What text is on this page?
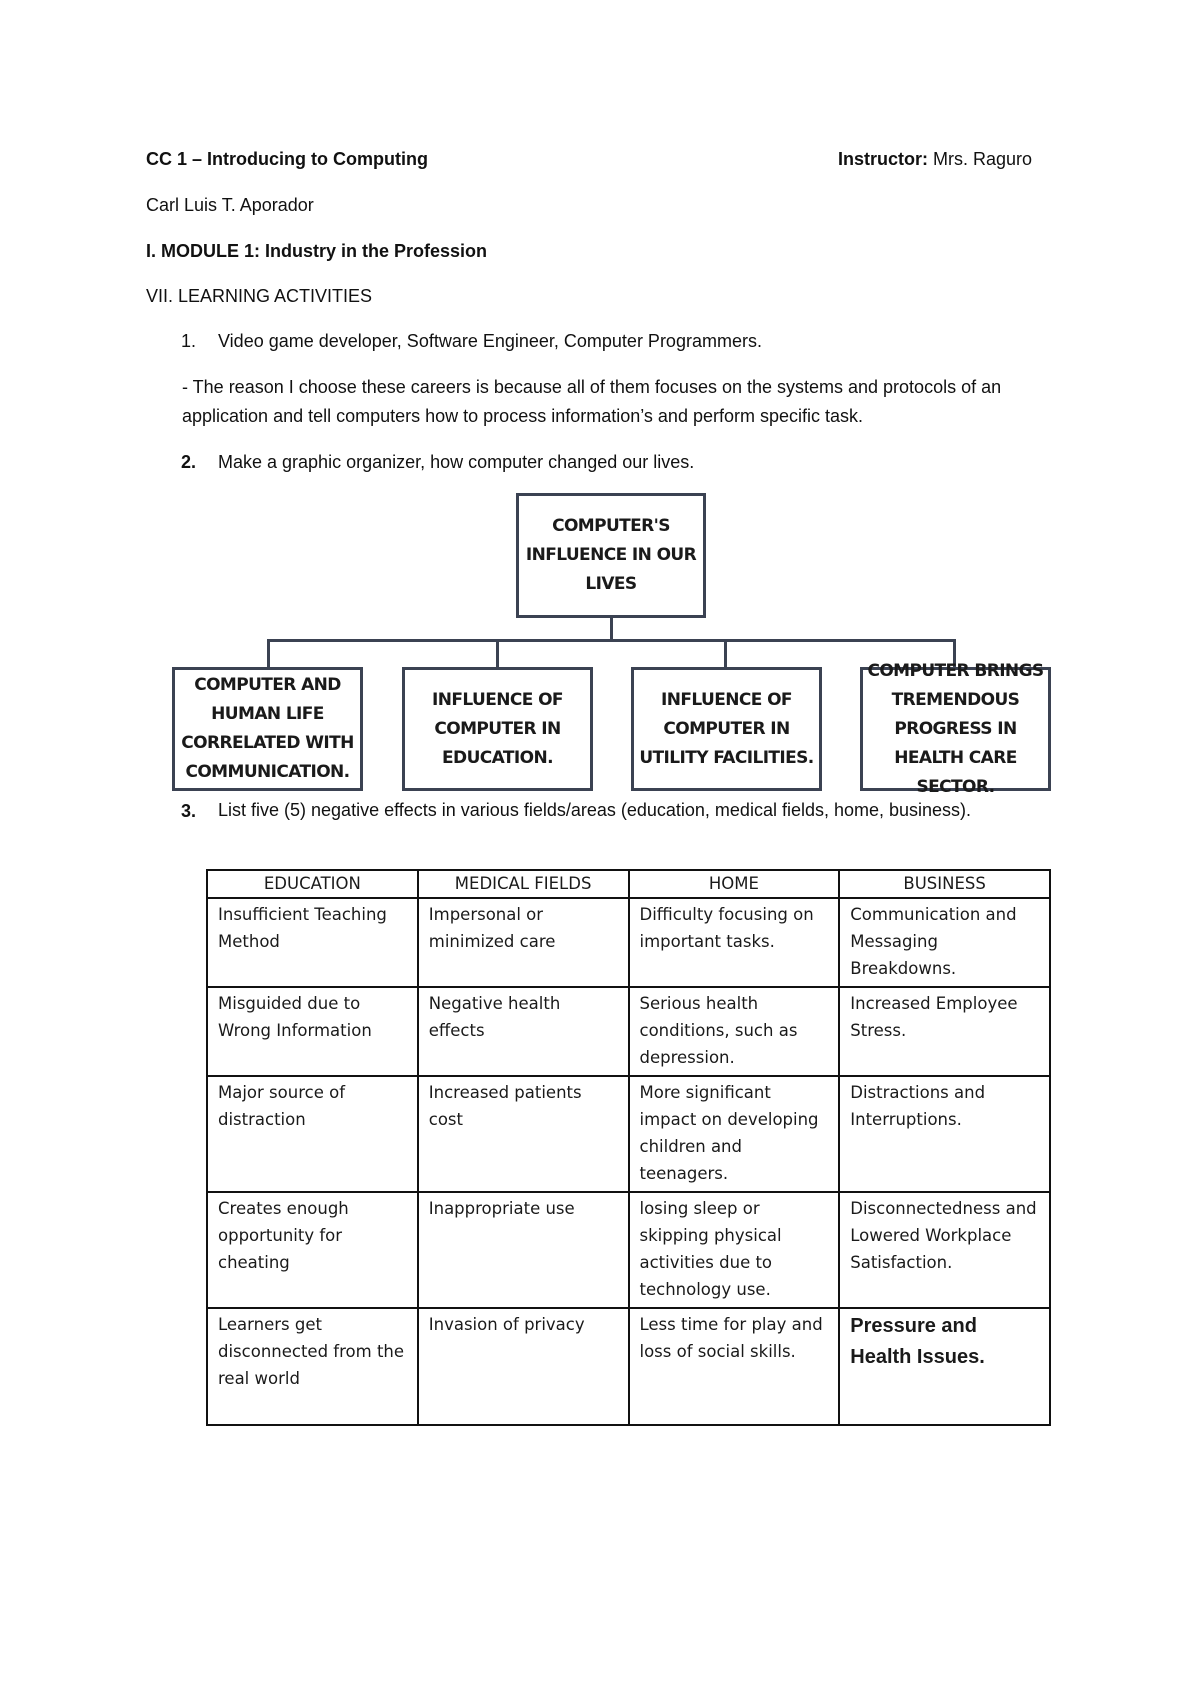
CC 1 – Introducing to Computing	Instructor: Mrs. Raguro
Carl Luis T. Aporador
I. MODULE 1: Industry in the Profession
VII. LEARNING ACTIVITIES
1. Video game developer, Software Engineer, Computer Programmers.
- The reason I choose these careers is because all of them focuses on the systems and protocols of an application and tell computers how to process information’s and perform specific task.
2. Make a graphic organizer, how computer changed our lives.
COMPUTER'S INFLUENCE IN OUR LIVES
COMPUTER AND HUMAN LIFE CORRELATED WITH COMMUNICATION.
INFLUENCE OF COMPUTER IN EDUCATION.
INFLUENCE OF COMPUTER IN UTILITY FACILITIES.
COMPUTER BRINGS TREMENDOUS PROGRESS IN HEALTH CARE SECTOR.
3. List five (5) negative effects in various fields/areas (education, medical fields, home, business).
EDUCATION	MEDICAL FIELDS	HOME	BUSINESS
Insufficient Teaching Method	Impersonal or minimized care	Difficulty focusing on important tasks.	Communication and Messaging Breakdowns.
Misguided due to Wrong Information	Negative health effects	Serious health conditions, such as depression.	Increased Employee Stress.
Major source of distraction	Increased patients cost	More significant impact on developing children and teenagers.	Distractions and Interruptions.
Creates enough opportunity for cheating	Inappropriate use	losing sleep or skipping physical activities due to technology use.	Disconnectedness and Lowered Workplace Satisfaction.
Learners get disconnected from the real world	Invasion of privacy	Less time for play and loss of social skills.	Pressure and Health Issues.
